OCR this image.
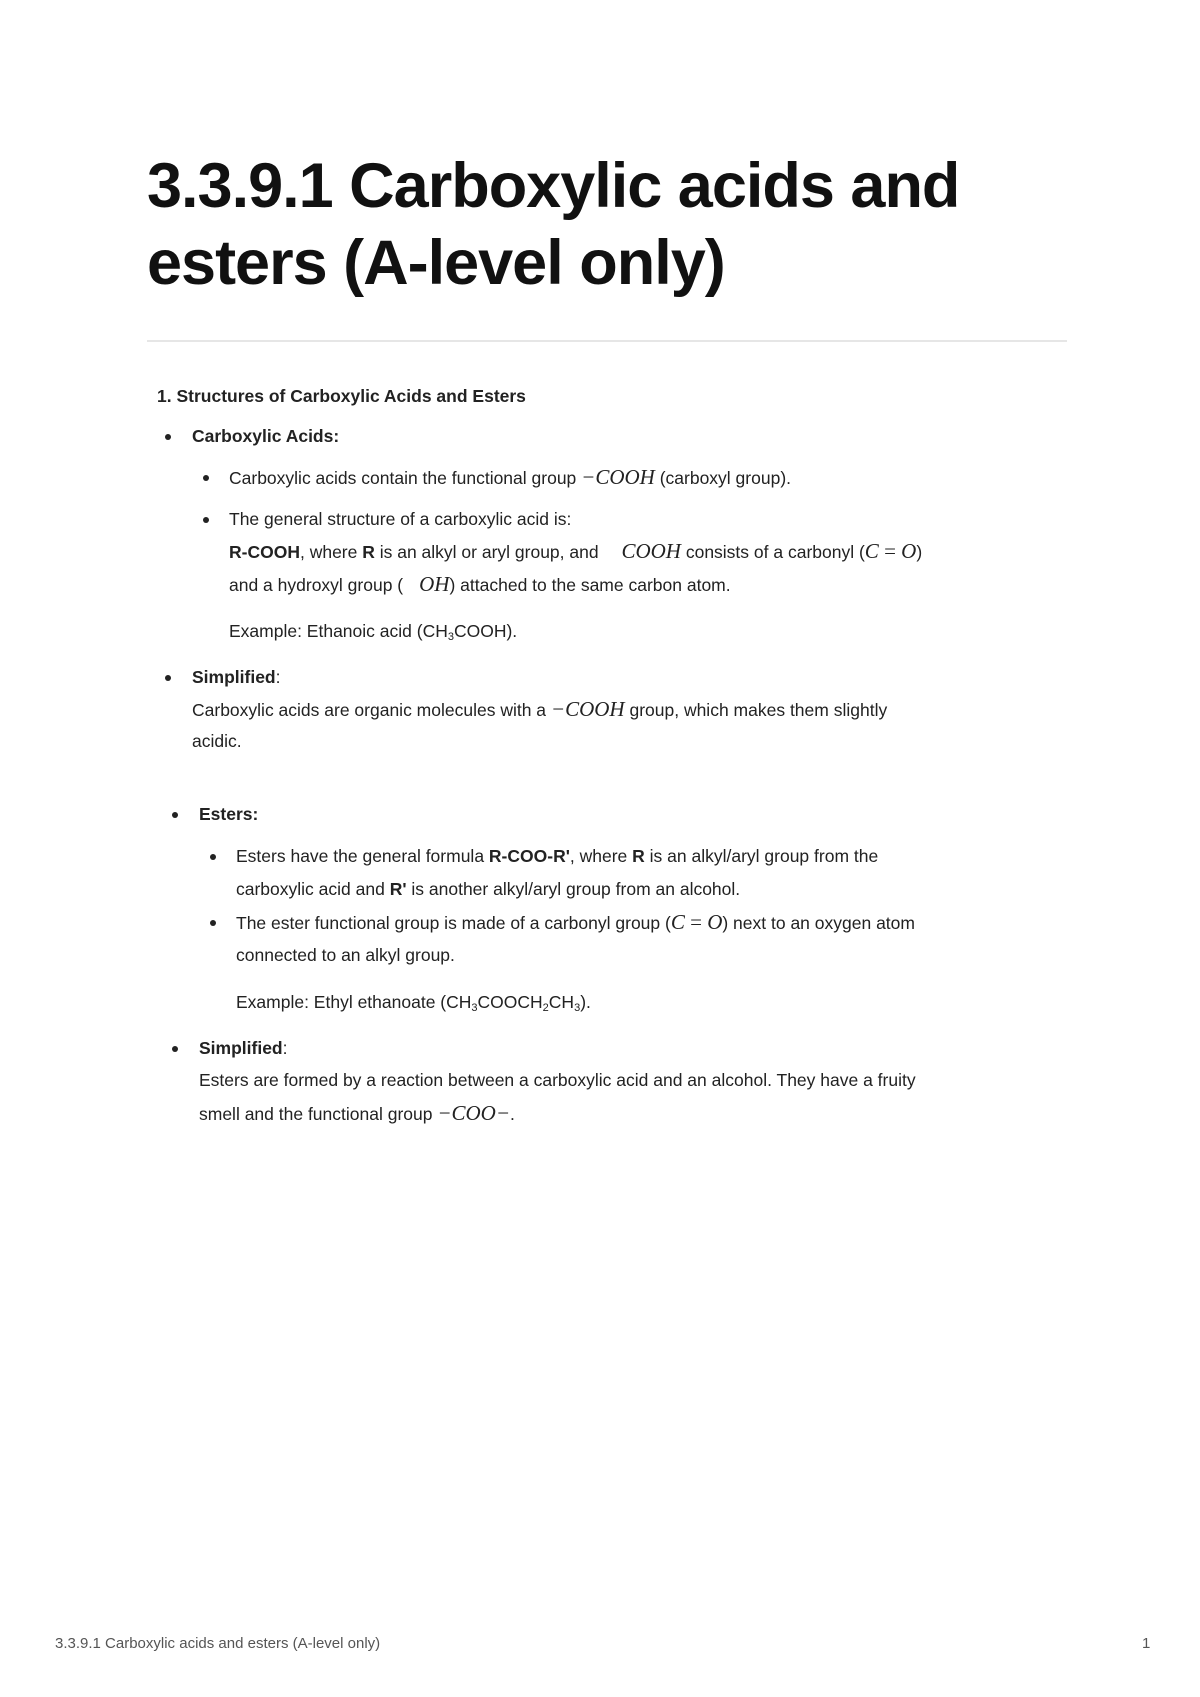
3.3.9.1 Carboxylic acids and esters (A-level only)
1. Structures of Carboxylic Acids and Esters
Carboxylic Acids:
Carboxylic acids contain the functional group −COOH (carboxyl group).
The general structure of a carboxylic acid is:
R-COOH, where R is an alkyl or aryl group, and COOH consists of a carbonyl (C = O)
and a hydroxyl group ( OH) attached to the same carbon atom.
Example: Ethanoic acid $(CH_3COOH)$.
Simplified:
Carboxylic acids are organic molecules with a −COOH group, which makes them slightly
acidic.
Esters:
Esters have the general formula R-COO-R', where R is an alkyl/aryl group from the
carboxylic acid and R' is another alkyl/aryl group from an alcohol.
The ester functional group is made of a carbonyl group (C = O) next to an oxygen atom
connected to an alkyl group.
Example: Ethyl ethanoate $(CH_3COOCH_2CH_3)$.
Simplified:
Esters are formed by a reaction between a carboxylic acid and an alcohol. They have a fruity
smell and the functional group −COO−.
3.3.9.1 Carboxylic acids and esters (A-level only)	1
